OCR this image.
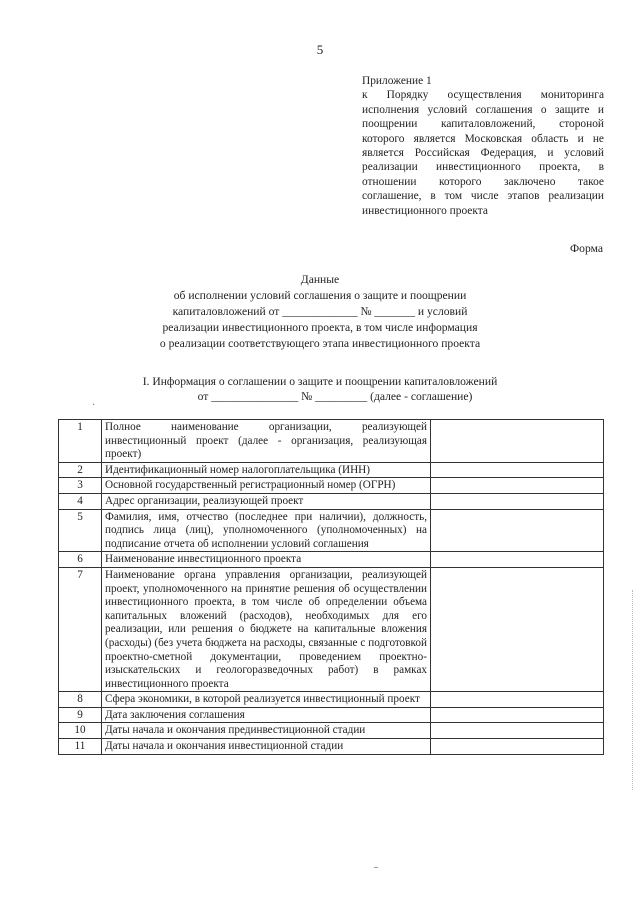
5
Приложение 1
к Порядку осуществления мониторинга исполнения условий соглашения о защите и поощрении капиталовложений, стороной которого является Московская область и не является Российская Федерация, и условий реализации инвестиционного проекта, в отношении которого заключено такое соглашение, в том числе этапов реализации инвестиционного проекта
Форма
Данные
об исполнении условий соглашения о защите и поощрении
капиталовложений от _____________ № _______ и условий
реализации инвестиционного проекта, в том числе информация
о реализации соответствующего этапа инвестиционного проекта
·
I. Информация о соглашении о защите и поощрении капиталовложений
от _______________ № _________ (далее - соглашение)
1	Полное наименование организации, реализующей инвестиционный проект (далее - организация, реализующая проект)	
2	Идентификационный номер налогоплательщика (ИНН)	
3	Основной государственный регистрационный номер (ОГРН)	
4	Адрес организации, реализующей проект	
5	Фамилия, имя, отчество (последнее при наличии), должность, подпись лица (лиц), уполномоченного (уполномоченных) на подписание отчета об исполнении условий соглашения	
6	Наименование инвестиционного проекта	
7	Наименование органа управления организации, реализующей проект, уполномоченного на принятие решения об осуществлении инвестиционного проекта, в том числе об определении объема капитальных вложений (расходов), необходимых для его реализации, или решения о бюджете на капитальные вложения (расходы) (без учета бюджета на расходы, связанные с подготовкой проектно-сметной документации, проведением проектно-изыскательских и геологоразведочных работ) в рамках инвестиционного проекта	
8	Сфера экономики, в которой реализуется инвестиционный проект	
9	Дата заключения соглашения	
10	Даты начала и окончания прединвестиционной стадии	
11	Даты начала и окончания инвестиционной стадии	
